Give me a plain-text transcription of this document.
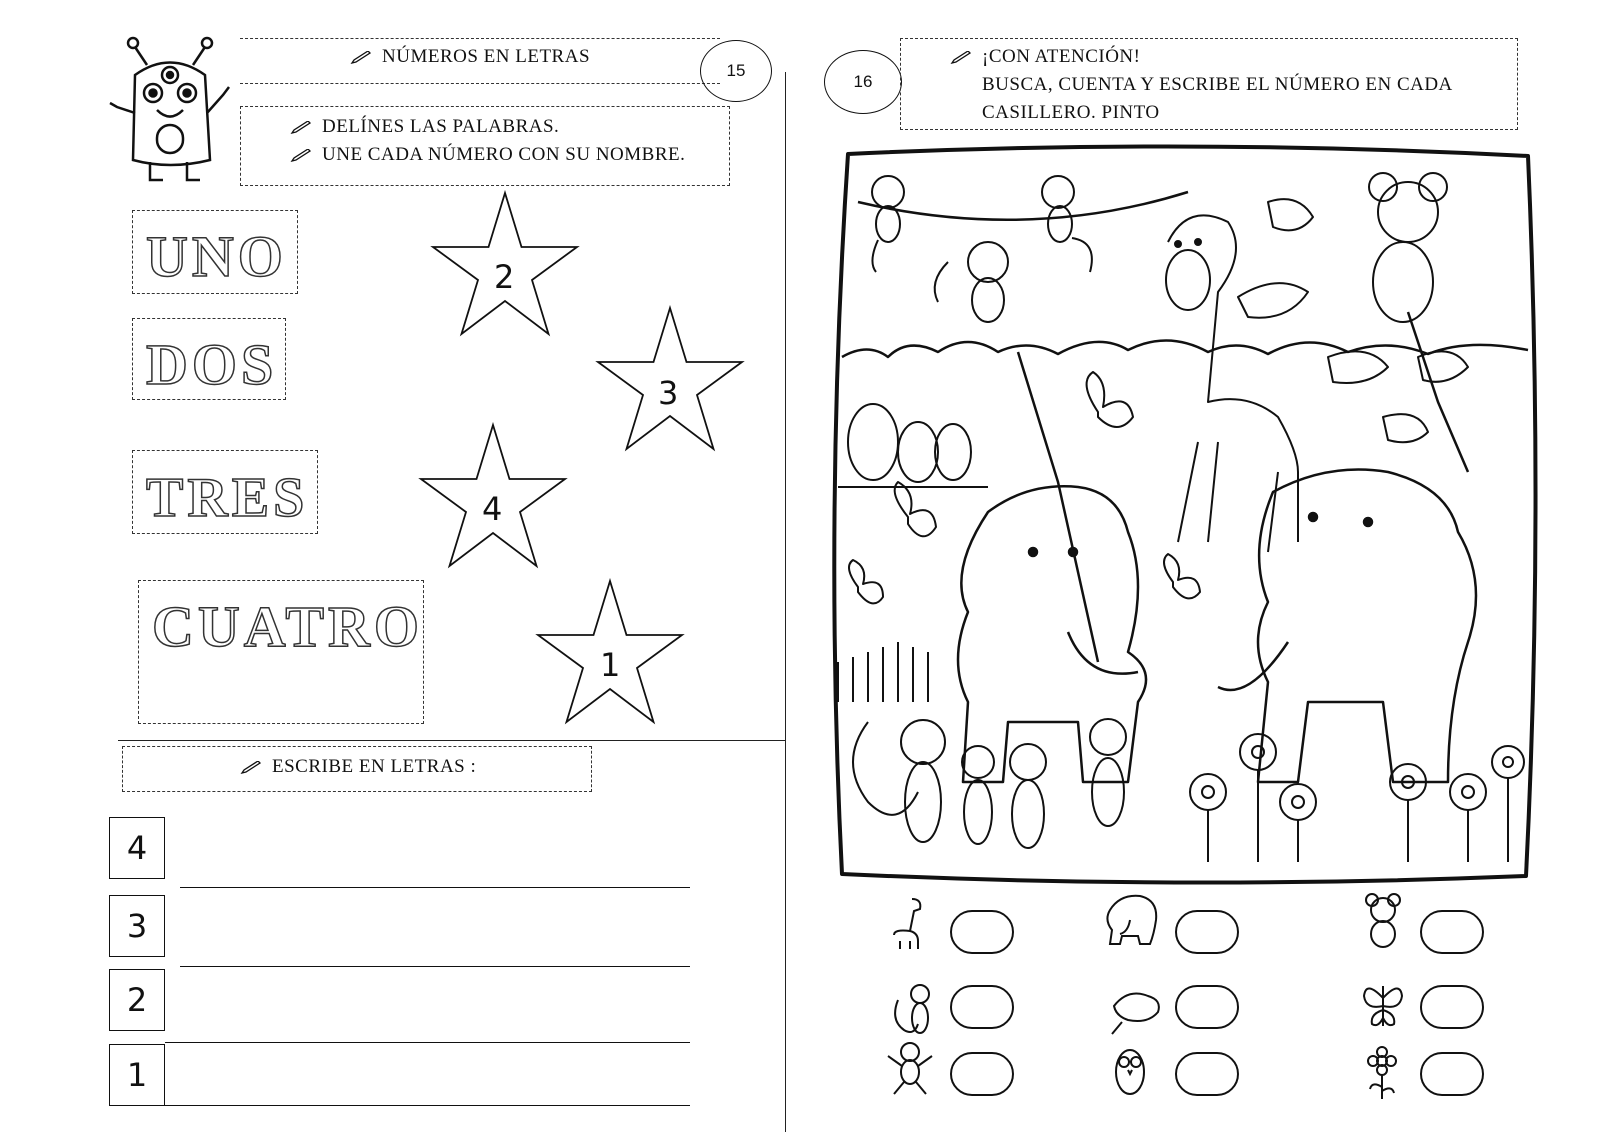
NÚMEROS EN LETRAS
15
DELÍNES LAS PALABRAS.
UNE CADA NÚMERO CON SU NOMBRE.
UNO
DOS
TRES
CUATRO
2
3
4
1
ESCRIBE EN LETRAS :
4
3
2
1
16
¡CON ATENCIÓN!
BUSCA, CUENTA Y ESCRIBE EL NÚMERO EN CADA
CASILLERO. PINTO
